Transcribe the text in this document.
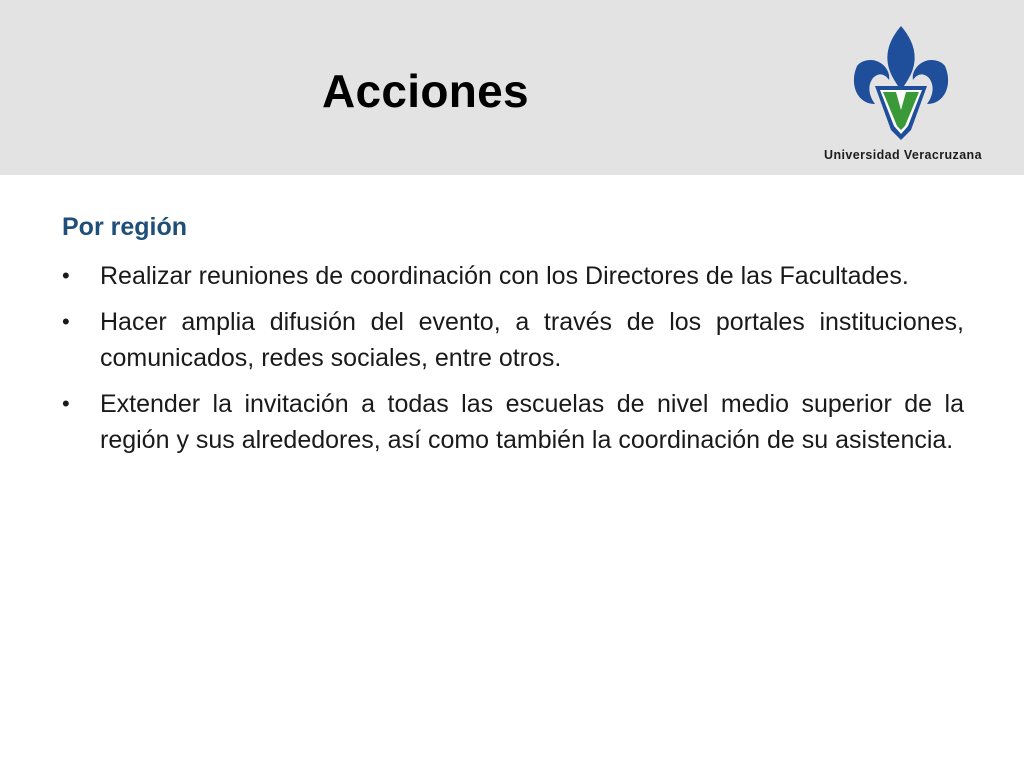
Acciones
Universidad Veracruzana
Por región
•	Realizar reuniones de coordinación con los Directores de las Facultades.
•	Hacer amplia difusión del evento, a través de los portales instituciones, comunicados, redes sociales, entre otros.
•	Extender la invitación a todas las escuelas de nivel medio superior de la región y sus alrededores, así como también la coordinación de su asistencia.
